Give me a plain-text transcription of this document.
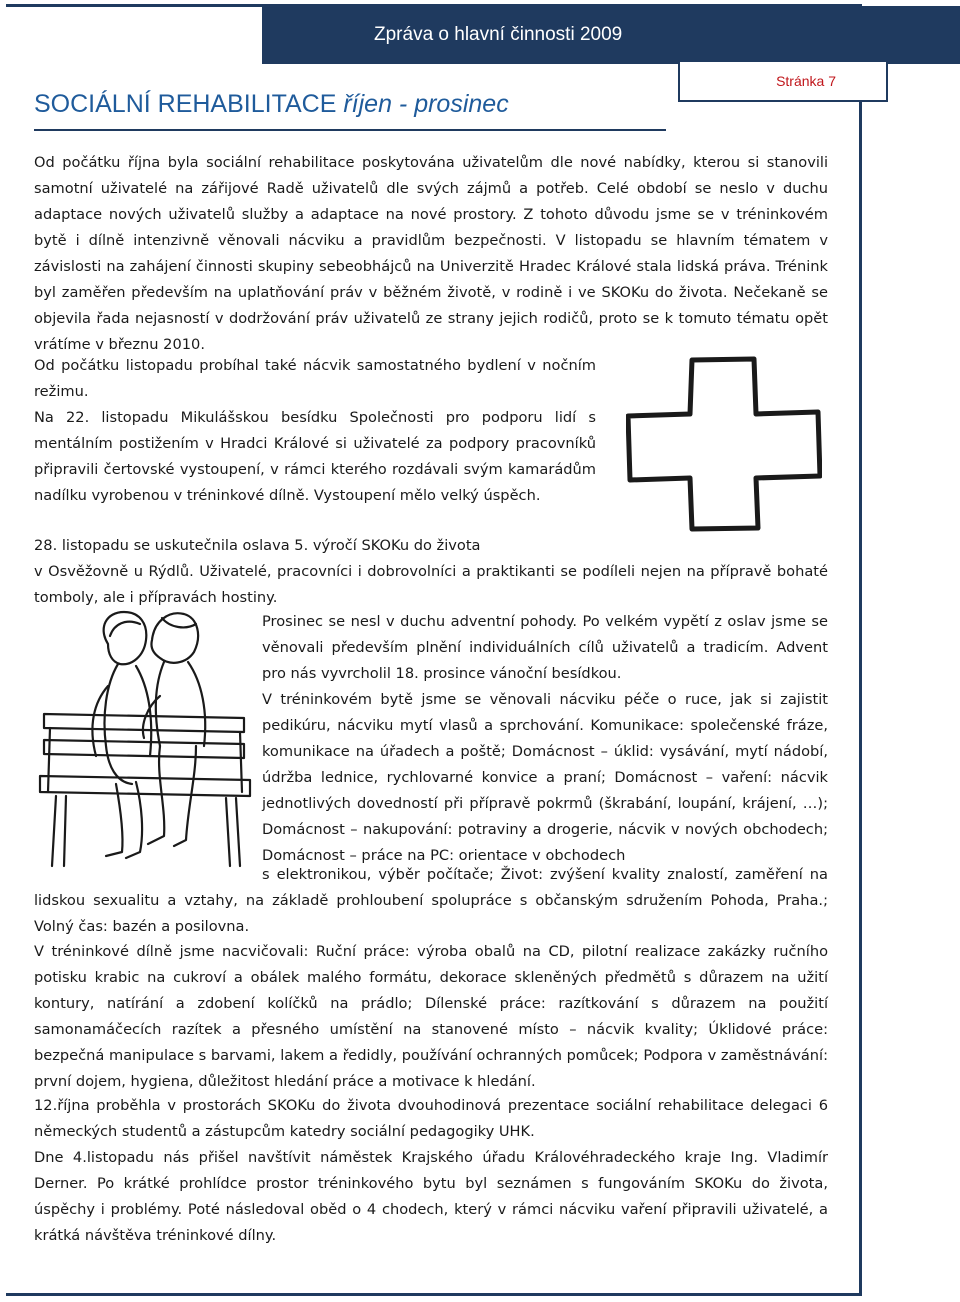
Zpráva o hlavní činnosti 2009
Stránka 7
SOCIÁLNÍ REHABILITACE říjen - prosinec

Od počátku října byla sociální rehabilitace poskytována uživatelům dle nové nabídky, kterou si stanovili samotní uživatelé na zářijové Radě uživatelů dle svých zájmů a potřeb. Celé období se neslo v duchu adaptace nových uživatelů služby a adaptace na nové prostory. Z tohoto důvodu jsme se v tréninkovém bytě i dílně intenzivně věnovali nácviku a pravidlům bezpečnosti. V listopadu se hlavním tématem v závislosti na zahájení činnosti skupiny sebeobhájců na Univerzitě Hradec Králové stala lidská práva. Trénink byl zaměřen především na uplatňování práv v běžném životě, v rodině i ve SKOKu do života. Nečekaně se objevila řada nejasností v dodržování práv uživatelů ze strany jejich rodičů, proto se k tomuto tématu opět vrátíme v březnu 2010.

Od počátku listopadu probíhal také nácvik samostatného bydlení v nočním režimu.

Na 22. listopadu Mikulášskou besídku Společnosti pro podporu lidí s mentálním postižením v Hradci Králové si uživatelé za podpory pracovníků připravili čertovské vystoupení, v rámci kterého rozdávali svým kamarádům nadílku vyrobenou v tréninkové dílně. Vystoupení mělo velký úspěch.

28. listopadu se uskutečnila oslava 5. výročí SKOKu do života

v Osvěžovně u Rýdlů. Uživatelé, pracovníci i dobrovolníci a praktikanti se podíleli nejen na přípravě bohaté tomboly, ale i přípravách hostiny.

Prosinec se nesl v duchu adventní pohody. Po velkém vypětí z oslav jsme se věnovali především plnění individuálních cílů uživatelů a tradicím. Advent pro nás vyvrcholil 18. prosince vánoční besídkou.

V tréninkovém bytě jsme se věnovali nácviku péče o ruce, jak si zajistit pedikúru, nácviku mytí vlasů a sprchování. Komunikace: společenské fráze, komunikace na úřadech a poště; Domácnost – úklid: vysávání, mytí nádobí, údržba lednice, rychlovarné konvice a praní; Domácnost – vaření: nácvik jednotlivých dovedností při přípravě pokrmů (škrabání, loupání, krájení, …); Domácnost – nakupování: potraviny a drogerie, nácvik v nových obchodech; Domácnost – práce na PC: orientace v obchodech

s elektronikou, výběr počítače; Život: zvýšení kvality znalostí, zaměření na lidskou sexualitu a vztahy, na základě prohloubení spolupráce s občanským sdružením Pohoda, Praha.; Volný čas: bazén a posilovna.

V tréninkové dílně jsme nacvičovali: Ruční práce: výroba obalů na CD, pilotní realizace zakázky ručního potisku krabic na cukroví a obálek malého formátu, dekorace skleněných předmětů s důrazem na užití kontury, natírání a zdobení kolíčků na prádlo; Dílenské práce: razítkování s důrazem na použití samonamáčecích razítek a přesného umístění na stanovené místo – nácvik kvality; Úklidové práce: bezpečná manipulace s barvami, lakem a ředidly, používání ochranných pomůcek; Podpora v zaměstnávání: první dojem, hygiena, důležitost hledání práce a motivace k hledání.

12.října proběhla v prostorách SKOKu do života dvouhodinová prezentace sociální rehabilitace delegaci 6 německých studentů a zástupcům katedry sociální pedagogiky UHK.

Dne 4.listopadu nás přišel navštívit náměstek Krajského úřadu Královéhradeckého kraje Ing. Vladimír Derner. Po krátké prohlídce prostor tréninkového bytu byl seznámen s fungováním SKOKu do života, úspěchy i problémy. Poté následoval oběd o 4 chodech, který v rámci nácviku vaření připravili uživatelé, a krátká návštěva tréninkové dílny.
